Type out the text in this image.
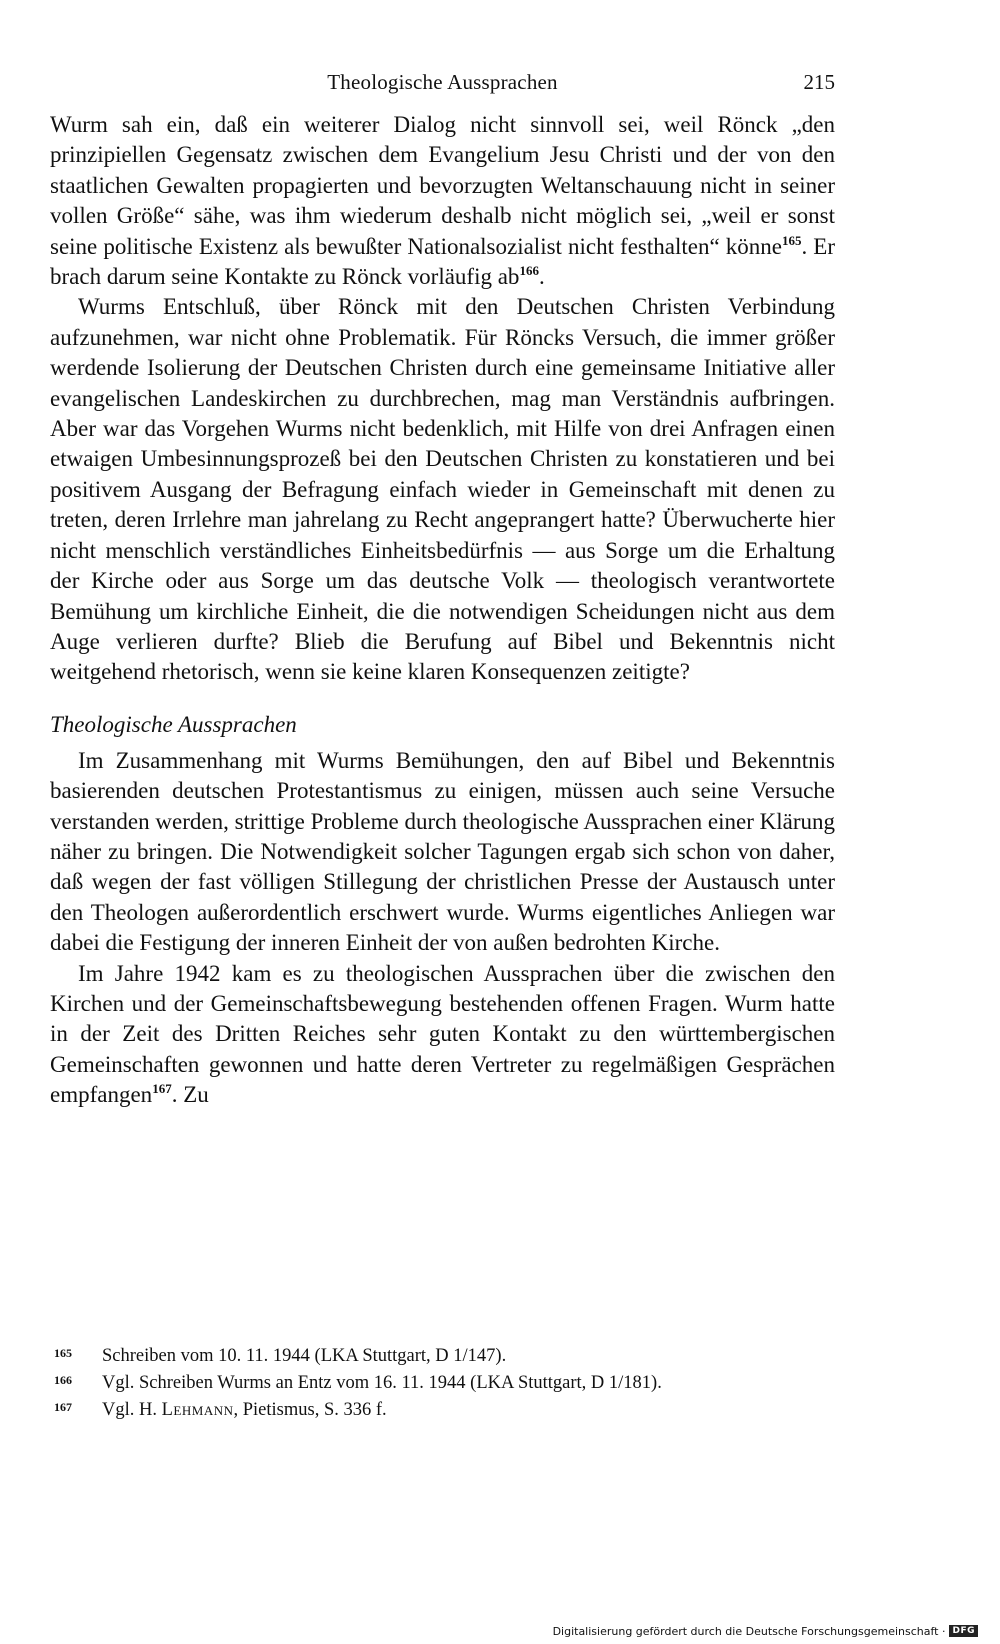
Theologische Aussprachen	215

Wurm sah ein, daß ein weiterer Dialog nicht sinnvoll sei, weil Rönck „den prinzipiellen Gegensatz zwischen dem Evangelium Jesu Christi und der von den staatlichen Gewalten propagierten und bevorzugten Weltanschauung nicht in seiner vollen Größe“ sähe, was ihm wiederum deshalb nicht möglich sei, „weil er sonst seine politische Existenz als bewußter Nationalsozialist nicht festhalten“ könne$^{165}$. Er brach darum seine Kontakte zu Rönck vorläufig $ab^{166}$.

Wurms Entschluß, über Rönck mit den Deutschen Christen Verbindung aufzunehmen, war nicht ohne Problematik. Für Röncks Versuch, die immer größer werdende Isolierung der Deutschen Christen durch eine gemeinsame Initiative aller evangelischen Landeskirchen zu durchbrechen, mag man Verständnis aufbringen. Aber war das Vorgehen Wurms nicht bedenklich, mit Hilfe von drei Anfragen einen etwaigen Umbesinnungsprozeß bei den Deutschen Christen zu konstatieren und bei positivem Ausgang der Befragung einfach wieder in Gemeinschaft mit denen zu treten, deren Irrlehre man jahrelang zu Recht angeprangert hatte? Überwucherte hier nicht menschlich verständliches Einheitsbedürfnis — aus Sorge um die Erhaltung der Kirche oder aus Sorge um das deutsche Volk — theologisch verantwortete Bemühung um kirchliche Einheit, die die notwendigen Scheidungen nicht aus dem Auge verlieren durfte? Blieb die Berufung auf Bibel und Bekenntnis nicht weitgehend rhetorisch, wenn sie keine klaren Konsequenzen zeitigte?

Theologische Aussprachen

Im Zusammenhang mit Wurms Bemühungen, den auf Bibel und Bekenntnis basierenden deutschen Protestantismus zu einigen, müssen auch seine Versuche verstanden werden, strittige Probleme durch theologische Aussprachen einer Klärung näher zu bringen. Die Notwendigkeit solcher Tagungen ergab sich schon von daher, daß wegen der fast völligen Stillegung der christlichen Presse der Austausch unter den Theologen außerordentlich erschwert wurde. Wurms eigentliches Anliegen war dabei die Festigung der inneren Einheit der von außen bedrohten Kirche.

Im Jahre 1942 kam es zu theologischen Aussprachen über die zwischen den Kirchen und der Gemeinschaftsbewegung bestehenden offenen Fragen. Wurm hatte in der Zeit des Dritten Reiches sehr guten Kontakt zu den württembergischen Gemeinschaften gewonnen und hatte deren Vertreter zu regelmäßigen Gesprächen empfangen$^{167}$. Zu

165	Schreiben vom 10. 11. 1944 (LKA Stuttgart, D 1/147).
166	Vgl. Schreiben Wurms an Entz vom 16. 11. 1944 (LKA Stuttgart, D 1/181).
167	Vgl. H. Lehmann, Pietismus, S. 336 f.
Digitalisierung gefördert durch die Deutsche Forschungsgemeinschaft · DFG
